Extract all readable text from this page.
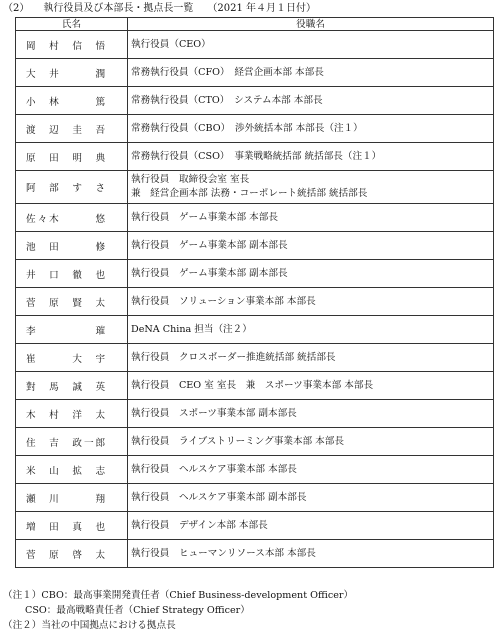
（2） 執行役員及び本部長・拠点長一覧 （2021 年４月１日付）
氏名	役職名
岡　村　信　悟	執行役員（CEO）

大　井　　　潤	常務執行役員（CFO）　経営企画本部 本部長

小　林　　　篤	常務執行役員（CTO）　システム本部 本部長

渡　辺　圭　吾	常務執行役員（CBO）　渉外統括本部 本部長（注１）

原　田　明　典	常務執行役員（CSO）　事業戦略統括部 統括部長（注１）

阿　部　す　さ	執行役員　取締役会室 室長
兼　経営企画本部 法務・コーポレート統括部 統括部長

佐々木　　　悠	執行役員　ゲーム事業本部 本部長

池　田　　　修	執行役員　ゲーム事業本部 副本部長

井　口　徹　也	執行役員　ゲーム事業本部 副本部長

菅　原　賢　太	執行役員　ソリューション事業本部 本部長

李　　　　　璀	DeNA China 担当（注２）

崔　　　大　宇	執行役員　クロスボーダー推進統括部 統括部長

對　馬　誠　英	執行役員　CEO 室 室長　兼　スポーツ事業本部 本部長

木　村　洋　太	執行役員　スポーツ事業本部 副本部長

住　吉　政一郎	執行役員　ライブストリーミング事業本部 本部長

米　山　拡　志	執行役員　ヘルスケア事業本部 本部長

瀬　川　　　翔	執行役員　ヘルスケア事業本部 副本部長

増　田　真　也	執行役員　デザイン本部 本部長

菅　原　啓　太	執行役員　ヒューマンリソース本部 本部長
（注１）CBO：最高事業開発責任者（Chief Business-development Officer）
CSO：最高戦略責任者（Chief Strategy Officer）
（注２）当社の中国拠点における拠点長
